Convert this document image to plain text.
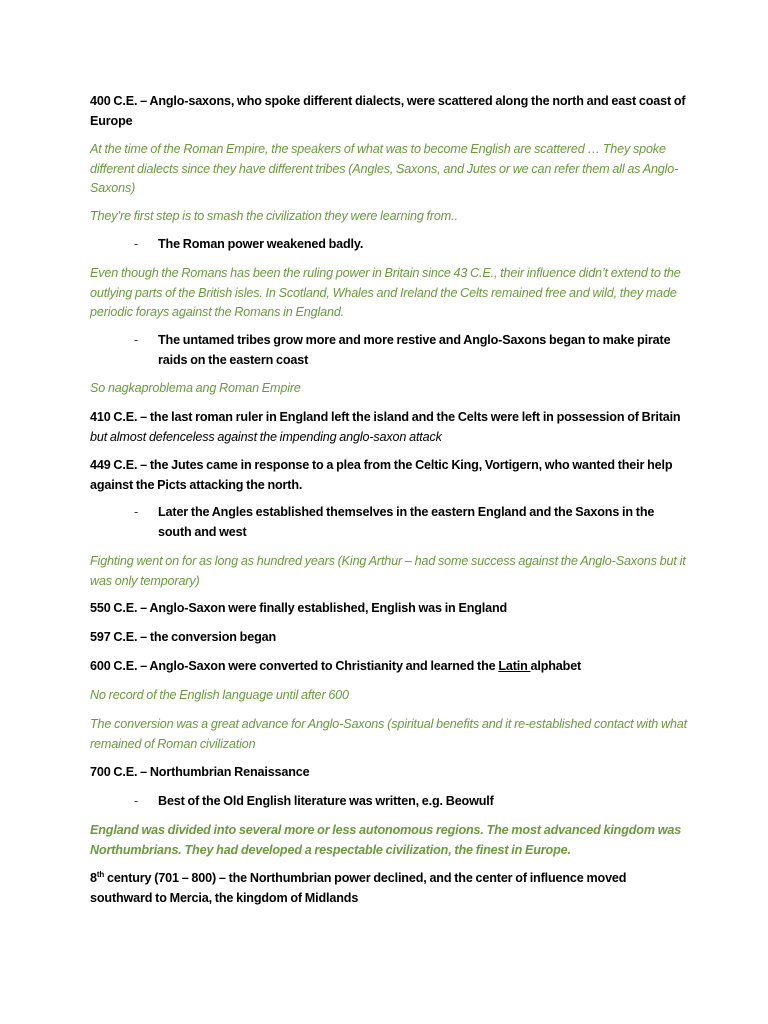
400 C.E. – Anglo-saxons, who spoke different dialects, were scattered along the north and east coast of Europe

At the time of the Roman Empire, the speakers of what was to become English are scattered … They spoke different dialects since they have different tribes (Angles, Saxons, and Jutes or we can refer them all as Anglo-Saxons)

They’re first step is to smash the civilization they were learning from..

-	The Roman power weakened badly.

Even though the Romans has been the ruling power in Britain since 43 C.E., their influence didn’t extend to the outlying parts of the British isles. In Scotland, Whales and Ireland the Celts remained free and wild, they made periodic forays against the Romans in England.

-	The untamed tribes grow more and more restive and Anglo-Saxons began to make pirate raids on the eastern coast

So nagkaproblema ang Roman Empire

410 C.E. – the last roman ruler in England left the island and the Celts were left in possession of Britain but almost defenceless against the impending anglo-saxon attack

449 C.E. – the Jutes came in response to a plea from the Celtic King, Vortigern, who wanted their help against the Picts attacking the north.

-	Later the Angles established themselves in the eastern England and the Saxons in the south and west

Fighting went on for as long as hundred years (King Arthur – had some success against the Anglo-Saxons but it was only temporary)

550 C.E. – Anglo-Saxon were finally established, English was in England

597 C.E. – the conversion began

600 C.E. – Anglo-Saxon were converted to Christianity and learned the Latin alphabet

No record of the English language until after 600

The conversion was a great advance for Anglo-Saxons (spiritual benefits and it re-established contact with what remained of Roman civilization

700 C.E. – Northumbrian Renaissance

-	Best of the Old English literature was written, e.g. Beowulf

England was divided into several more or less autonomous regions. The most advanced kingdom was Northumbrians. They had developed a respectable civilization, the finest in Europe.

8th century (701 – 800) – the Northumbrian power declined, and the center of influence moved southward to Mercia, the kingdom of Midlands
